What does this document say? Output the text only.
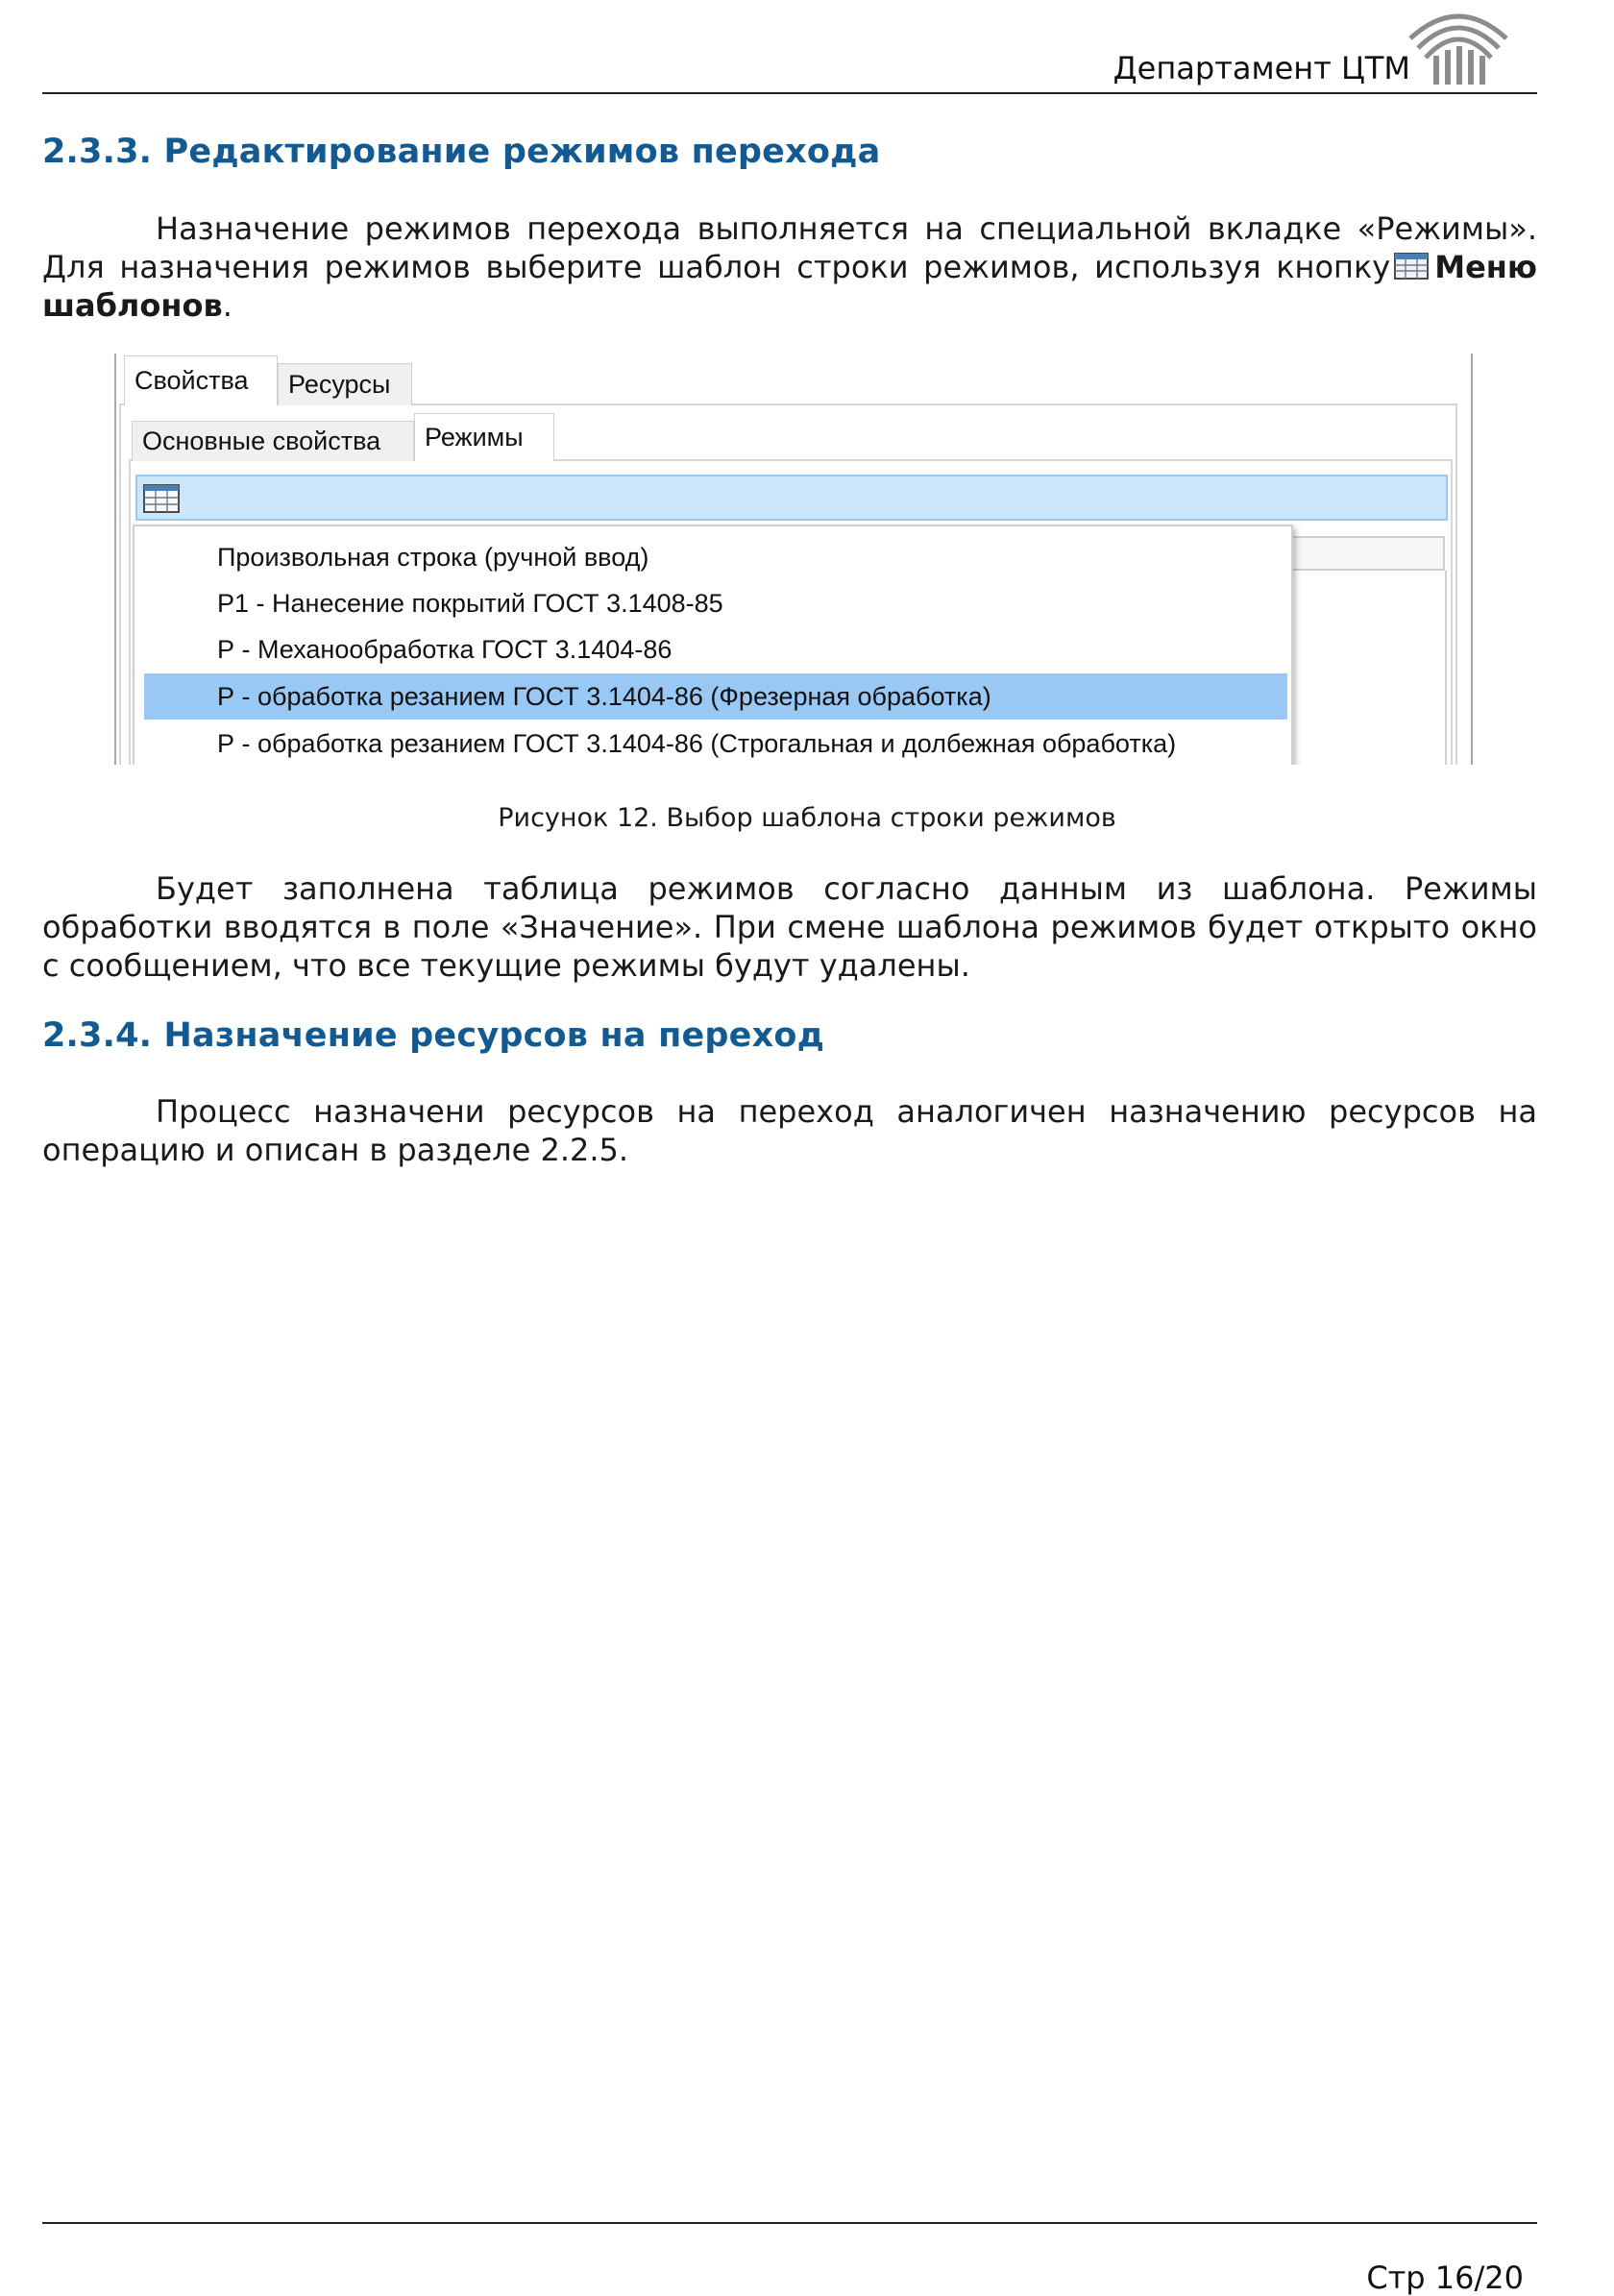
Департамент ЦТМ
2.3.3. Редактирование режимов перехода

Назначение режимов перехода выполняется на специальной вкладке «Режимы». Для назначения режимов выберите шаблон строки режимов, используя кнопку Меню шаблонов.

Свойства	Ресурсы
Основные свойства	Режимы
Произвольная строка (ручной ввод)
Р1 - Нанесение покрытий ГОСТ 3.1408-85
Р - Механообработка ГОСТ 3.1404-86
Р - обработка резанием ГОСТ 3.1404-86 (Фрезерная обработка)
Р - обработка резанием ГОСТ 3.1404-86 (Строгальная и долбежная обработка)
Рисунок 12. Выбор шаблона строки режимов

Будет заполнена таблица режимов согласно данным из шаблона. Режимы обработки вводятся в поле «Значение». При смене шаблона режимов будет открыто окно с сообщением, что все текущие режимы будут удалены.

2.3.4. Назначение ресурсов на переход

Процесс назначени ресурсов на переход аналогичен назначению ресурсов на операцию и описан в разделе 2.2.5.

Стр 16/20
